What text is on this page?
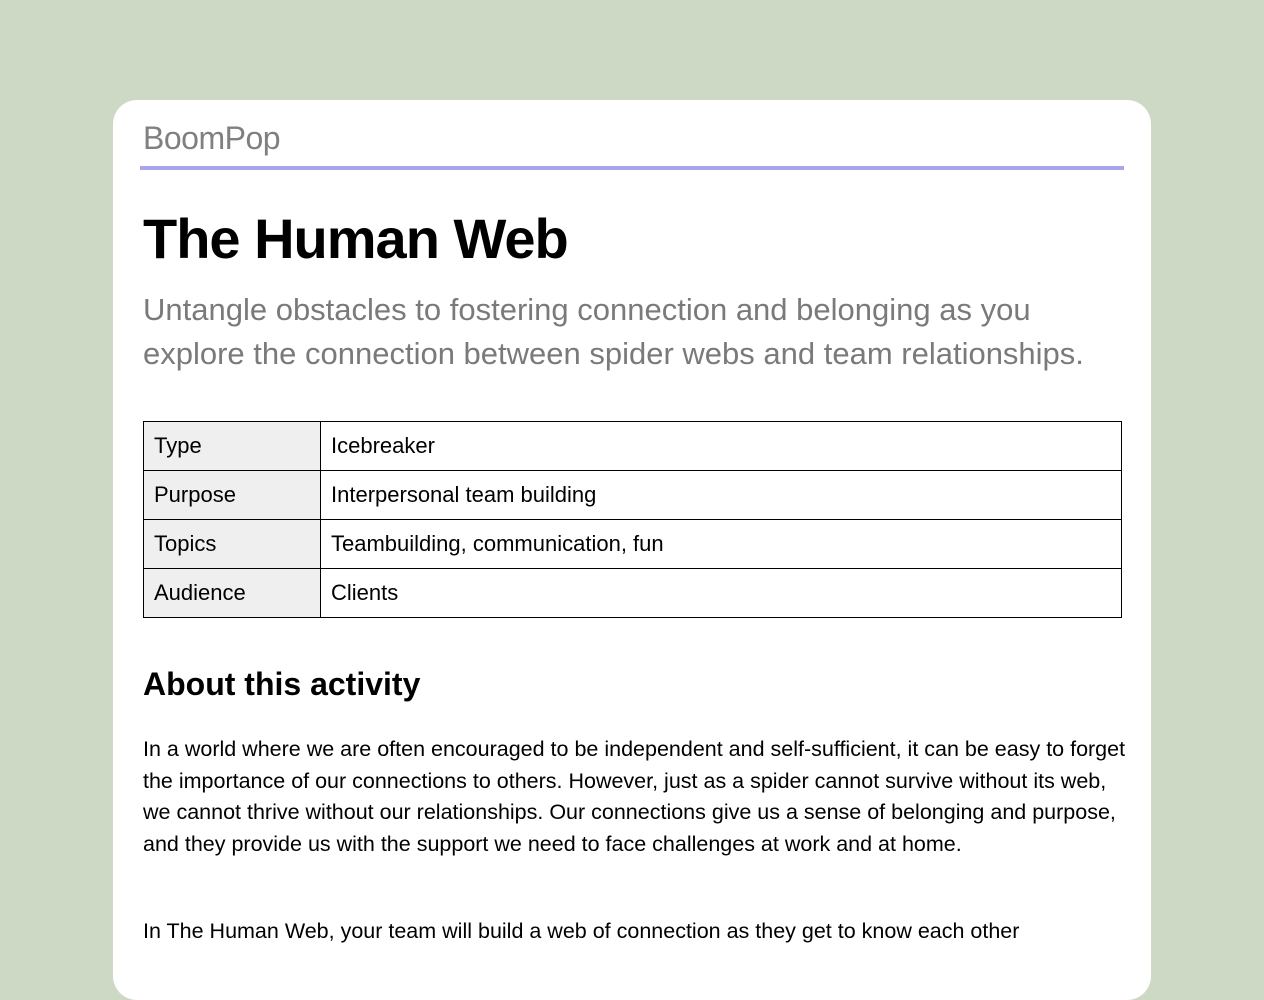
BoomPop
The Human Web

Untangle obstacles to fostering connection and belonging as you explore the connection between spider webs and team relationships.

Type	Icebreaker
Purpose	Interpersonal team building
Topics	Teambuilding, communication, fun
Audience	Clients
About this activity

In a world where we are often encouraged to be independent and self-sufficient, it can be easy to forget the importance of our connections to others. However, just as a spider cannot survive without its web, we cannot thrive without our relationships. Our connections give us a sense of belonging and purpose, and they provide us with the support we need to face challenges at work and at home.

In The Human Web, your team will build a web of connection as they get to know each other
